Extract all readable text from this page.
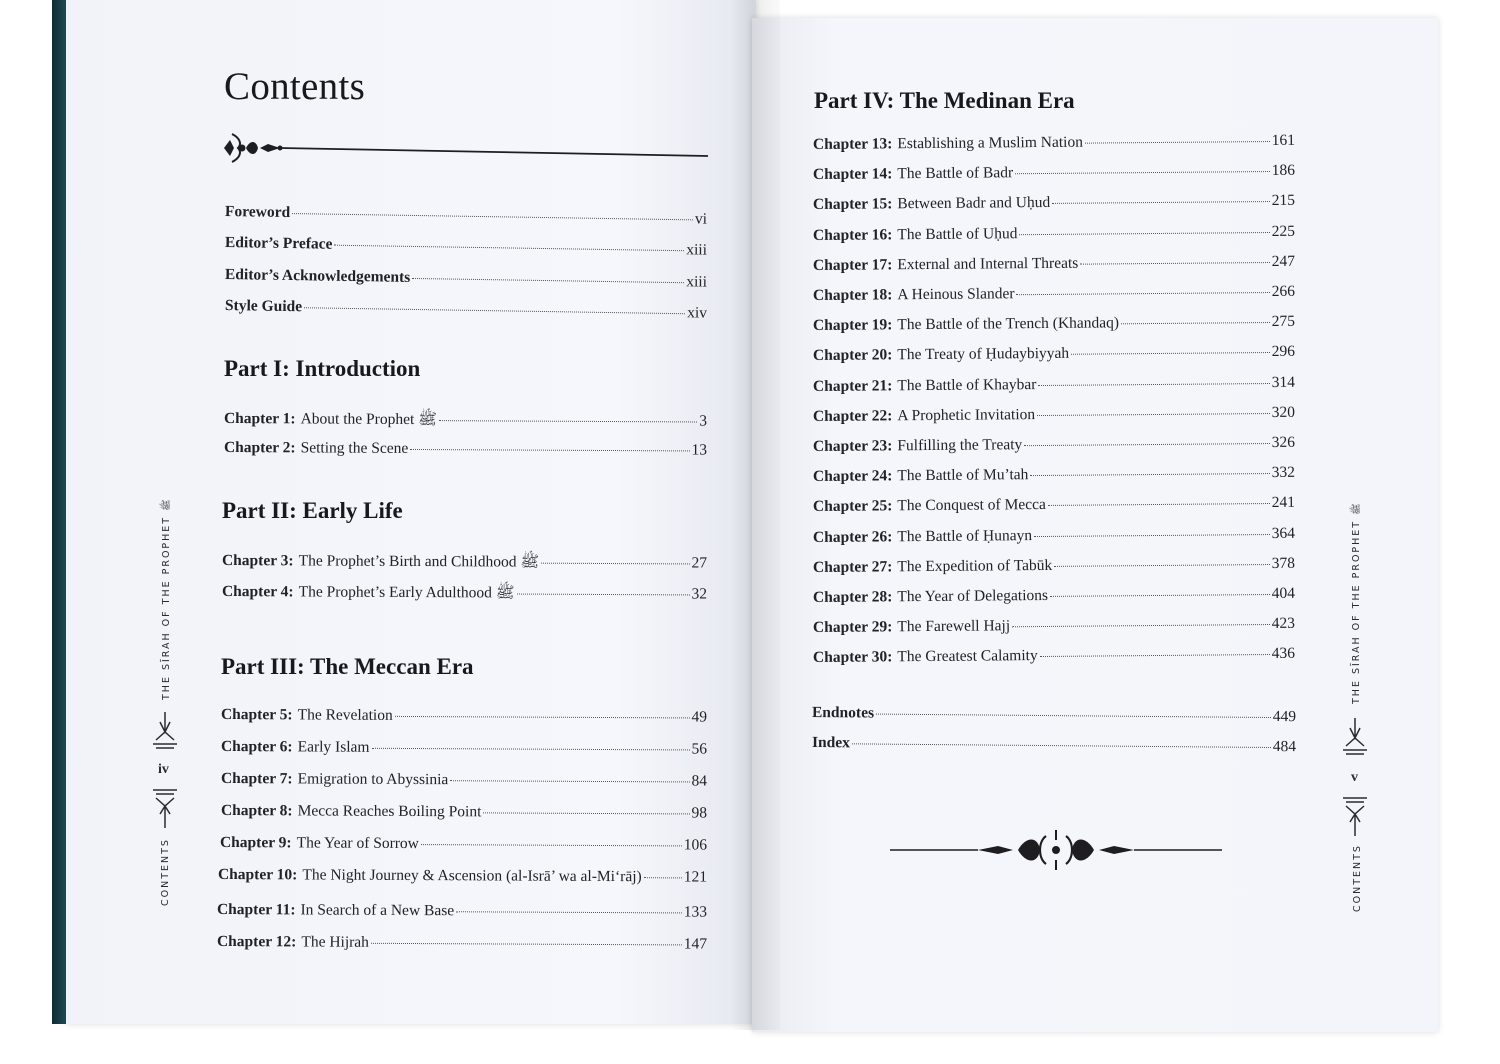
Contents
Foreword	vi
Editor’s Preface	xiii
Editor’s Acknowledgements	xiii
Style Guide	xiv
Part I: Introduction
Chapter 1: About the Prophet ﷺ	3
Chapter 2: Setting the Scene	13
Part II: Early Life
Chapter 3: The Prophet’s Birth and Childhood ﷺ	27
Chapter 4: The Prophet’s Early Adulthood ﷺ	32
Part III: The Meccan Era
Chapter 5: The Revelation	49
Chapter 6: Early Islam	56
Chapter 7: Emigration to Abyssinia	84
Chapter 8: Mecca Reaches Boiling Point	98
Chapter 9: The Year of Sorrow	106
Chapter 10: The Night Journey & Ascension (al-Isrā’ wa al-Mi‘rāj)	121
Chapter 11: In Search of a New Base	133
Chapter 12: The Hijrah	147
THE SĪRAH OF THE PROPHET ﷺ
iv
CONTENTS
Part IV: The Medinan Era
Chapter 13: Establishing a Muslim Nation	161
Chapter 14: The Battle of Badr	186
Chapter 15: Between Badr and Uḥud	215
Chapter 16: The Battle of Uḥud	225
Chapter 17: External and Internal Threats	247
Chapter 18: A Heinous Slander	266
Chapter 19: The Battle of the Trench (Khandaq)	275
Chapter 20: The Treaty of Ḥudaybiyyah	296
Chapter 21: The Battle of Khaybar	314
Chapter 22: A Prophetic Invitation	320
Chapter 23: Fulfilling the Treaty	326
Chapter 24: The Battle of Mu’tah	332
Chapter 25: The Conquest of Mecca	241
Chapter 26: The Battle of Ḥunayn	364
Chapter 27: The Expedition of Tabūk	378
Chapter 28: The Year of Delegations	404
Chapter 29: The Farewell Hajj	423
Chapter 30: The Greatest Calamity	436
Endnotes	449
Index	484
THE SĪRAH OF THE PROPHET ﷺ
v
CONTENTS
